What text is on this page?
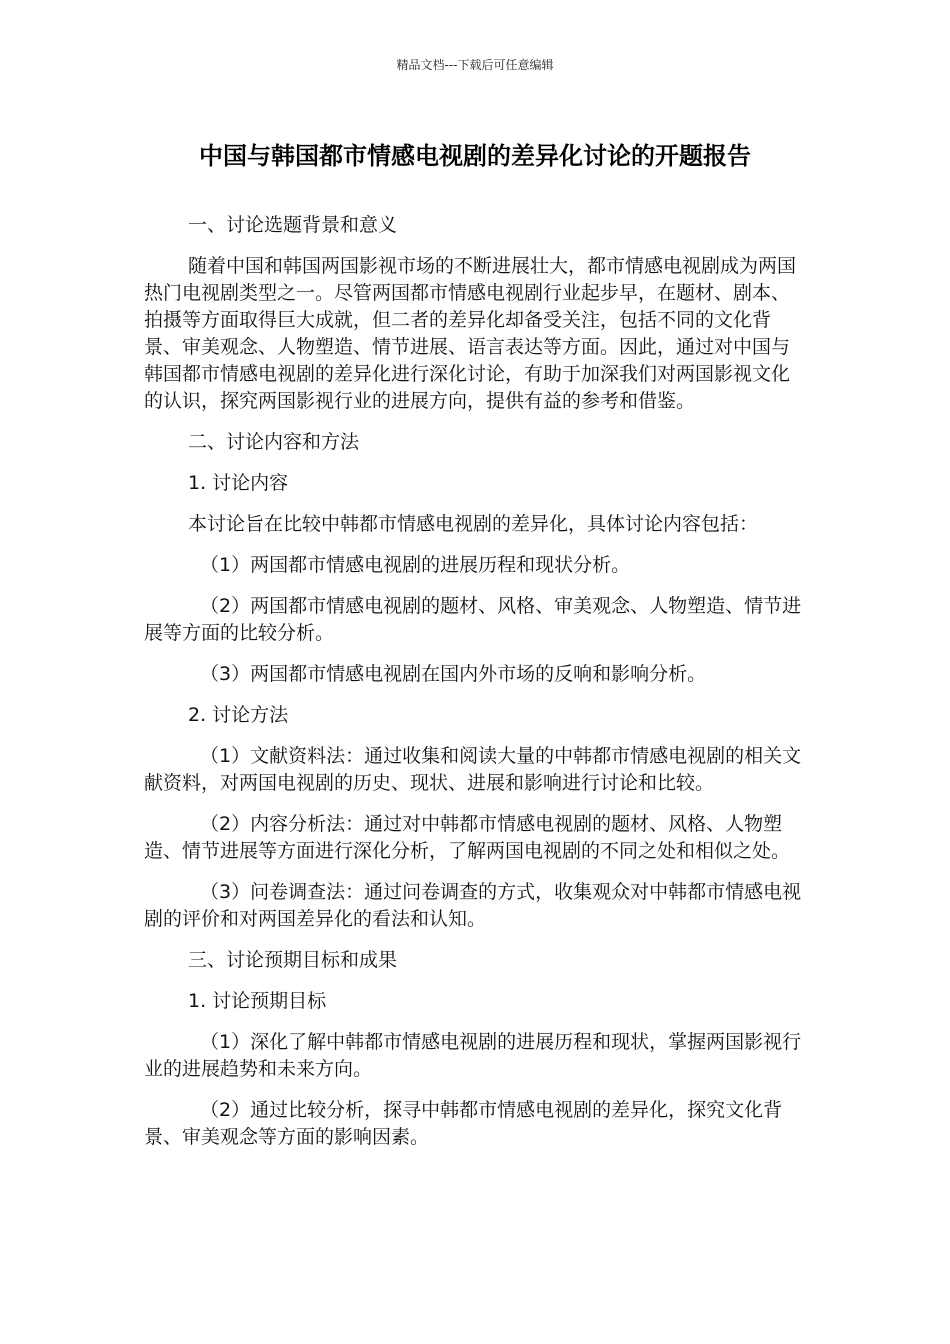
精品文档---下载后可任意编辑
中国与韩国都市情感电视剧的差异化讨论的开题报告

一、讨论选题背景和意义

随着中国和韩国两国影视市场的不断进展壮大，都市情感电视剧成为两国热门电视剧类型之一。尽管两国都市情感电视剧行业起步早，在题材、剧本、拍摄等方面取得巨大成就，但二者的差异化却备受关注，包括不同的文化背景、审美观念、人物塑造、情节进展、语言表达等方面。因此，通过对中国与韩国都市情感电视剧的差异化进行深化讨论，有助于加深我们对两国影视文化的认识，探究两国影视行业的进展方向，提供有益的参考和借鉴。

二、讨论内容和方法

1. 讨论内容

本讨论旨在比较中韩都市情感电视剧的差异化，具体讨论内容包括：

（1）两国都市情感电视剧的进展历程和现状分析。

（2）两国都市情感电视剧的题材、风格、审美观念、人物塑造、情节进展等方面的比较分析。

（3）两国都市情感电视剧在国内外市场的反响和影响分析。

2. 讨论方法

（1）文献资料法：通过收集和阅读大量的中韩都市情感电视剧的相关文献资料，对两国电视剧的历史、现状、进展和影响进行讨论和比较。

（2）内容分析法：通过对中韩都市情感电视剧的题材、风格、人物塑造、情节进展等方面进行深化分析，了解两国电视剧的不同之处和相似之处。

（3）问卷调查法：通过问卷调查的方式，收集观众对中韩都市情感电视剧的评价和对两国差异化的看法和认知。

三、讨论预期目标和成果

1. 讨论预期目标

（1）深化了解中韩都市情感电视剧的进展历程和现状，掌握两国影视行业的进展趋势和未来方向。

（2）通过比较分析，探寻中韩都市情感电视剧的差异化，探究文化背景、审美观念等方面的影响因素。
